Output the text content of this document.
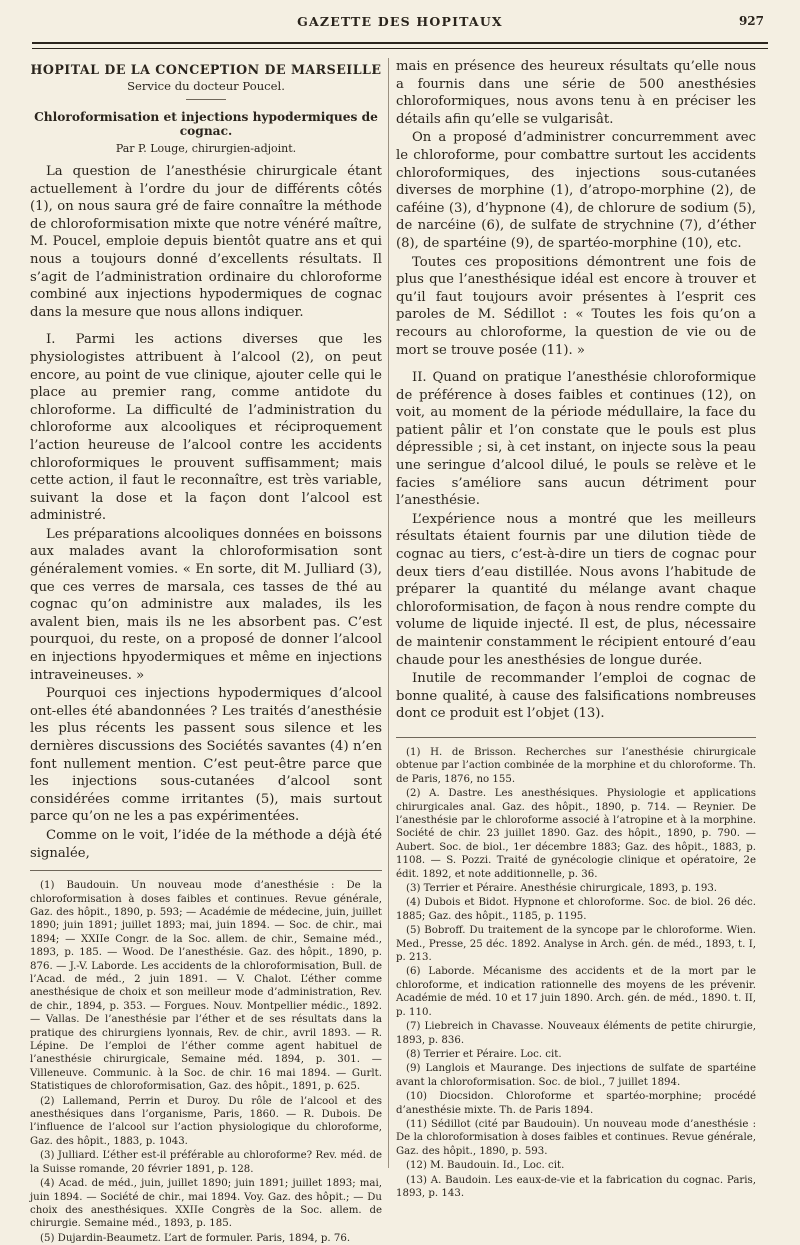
GAZETTE DES HOPITAUX	927
HOPITAL DE LA CONCEPTION DE MARSEILLE
Service du docteur Poucel.
Chloroformisation et injections hypodermiques de cognac.
Par P. Louge, chirurgien-adjoint.

La question de l’anesthésie chirurgicale étant actuellement à l’ordre du jour de différents côtés (1), on nous saura gré de faire connaître la méthode de chloroformisation mixte que notre vénéré maître, M. Poucel, emploie depuis bientôt quatre ans et qui nous a toujours donné d’excellents résultats. Il s’agit de l’administration ordinaire du chloroforme combiné aux injections hypodermiques de cognac dans la mesure que nous allons indiquer.

I. Parmi les actions diverses que les physiologistes attribuent à l’alcool (2), on peut encore, au point de vue clinique, ajouter celle qui le place au premier rang, comme antidote du chloroforme. La difficulté de l’administration du chloroforme aux alcooliques et réciproquement l’action heureuse de l’alcool contre les accidents chloroformiques le prouvent suffisamment; mais cette action, il faut le reconnaître, est très variable, suivant la dose et la façon dont l’alcool est administré.

Les préparations alcooliques données en boissons aux malades avant la chloroformisation sont généralement vomies. « En sorte, dit M. Julliard (3), que ces verres de marsala, ces tasses de thé au cognac qu’on administre aux malades, ils les avalent bien, mais ils ne les absorbent pas. C’est pourquoi, du reste, on a proposé de donner l’alcool en injections hpyodermiques et même en injections intraveineuses. »

Pourquoi ces injections hypodermiques d’alcool ont-elles été abandonnées ? Les traités d’anesthésie les plus récents les passent sous silence et les dernières discussions des Sociétés savantes (4) n’en font nullement mention. C’est peut-être parce que les injections sous-cutanées d’alcool sont considérées comme irritantes (5), mais surtout parce qu’on ne les a pas expérimentées.

Comme on le voit, l’idée de la méthode a déjà été signalée,

(1) Baudouin. Un nouveau mode d’anesthésie : De la chloroformisation à doses faibles et continues. Revue générale, Gaz. des hôpit., 1890, p. 593; — Académie de médecine, juin, juillet 1890; juin 1891; juillet 1893; mai, juin 1894. — Soc. de chir., mai 1894; — XXIIe Congr. de la Soc. allem. de chir., Semaine méd., 1893, p. 185. — Wood. De l’anesthésie. Gaz. des hôpit., 1890, p. 876. — J.-V. Laborde. Les accidents de la chloroformisation, Bull. de l’Acad. de méd., 2 juin 1891. — V. Chalot. L’éther comme anesthésique de choix et son meilleur mode d’administration, Rev. de chir., 1894, p. 353. — Forgues. Nouv. Montpellier médic., 1892. — Vallas. De l’anesthésie par l’éther et de ses résultats dans la pratique des chirurgiens lyonnais, Rev. de chir., avril 1893. — R. Lépine. De l’emploi de l’éther comme agent habituel de l’anesthésie chirurgicale, Semaine méd. 1894, p. 301. — Villeneuve. Communic. à la Soc. de chir. 16 mai 1894. — Gurlt. Statistiques de chloroformisation, Gaz. des hôpit., 1891, p. 625.

(2) Lallemand, Perrin et Duroy. Du rôle de l’alcool et des anesthésiques dans l’organisme, Paris, 1860. — R. Dubois. De l’influence de l’alcool sur l’action physiologique du chloroforme, Gaz. des hôpit., 1883, p. 1043.

(3) Julliard. L’éther est-il préférable au chloroforme? Rev. méd. de la Suisse romande, 20 février 1891, p. 128.

(4) Acad. de méd., juin, juillet 1890; juin 1891; juillet 1893; mai, juin 1894. — Société de chir., mai 1894. Voy. Gaz. des hôpit.; — Du choix des anesthésiques. XXIIe Congrès de la Soc. allem. de chirurgie. Semaine méd., 1893, p. 185.

(5) Dujardin-Beaumetz. L’art de formuler. Paris, 1894, p. 76.

mais en présence des heureux résultats qu’elle nous a fournis dans une série de 500 anesthésies chloroformiques, nous avons tenu à en préciser les détails afin qu’elle se vulgarisât.

On a proposé d’administrer concurremment avec le chloroforme, pour combattre surtout les accidents chloroformiques, des injections sous-cutanées diverses de morphine (1), d’atropo-morphine (2), de caféine (3), d’hypnone (4), de chlorure de sodium (5), de narcéine (6), de sulfate de strychnine (7), d’éther (8), de spartéine (9), de spartéo-morphine (10), etc.

Toutes ces propositions démontrent une fois de plus que l’anesthésique idéal est encore à trouver et qu’il faut toujours avoir présentes à l’esprit ces paroles de M. Sédillot : « Toutes les fois qu’on a recours au chloroforme, la question de vie ou de mort se trouve posée (11). »

II. Quand on pratique l’anesthésie chloroformique de préférence à doses faibles et continues (12), on voit, au moment de la période médullaire, la face du patient pâlir et l’on constate que le pouls est plus dépressible ; si, à cet instant, on injecte sous la peau une seringue d’alcool dilué, le pouls se relève et le facies s’améliore sans aucun détriment pour l’anesthésie.

L’expérience nous a montré que les meilleurs résultats étaient fournis par une dilution tiède de cognac au tiers, c’est-à-dire un tiers de cognac pour deux tiers d’eau distillée. Nous avons l’habitude de préparer la quantité du mélange avant chaque chloroformisation, de façon à nous rendre compte du volume de liquide injecté. Il est, de plus, nécessaire de maintenir constamment le récipient entouré d’eau chaude pour les anesthésies de longue durée.

Inutile de recommander l’emploi de cognac de bonne qualité, à cause des falsifications nombreuses dont ce produit est l’objet (13).

(1) H. de Brisson. Recherches sur l’anesthésie chirurgicale obtenue par l’action combinée de la morphine et du chloroforme. Th. de Paris, 1876, no 155.

(2) A. Dastre. Les anesthésiques. Physiologie et applications chirurgicales anal. Gaz. des hôpit., 1890, p. 714. — Reynier. De l’anesthésie par le chloroforme associé à l’atropine et à la morphine. Société de chir. 23 juillet 1890. Gaz. des hôpit., 1890, p. 790. — Aubert. Soc. de biol., 1er décembre 1883; Gaz. des hôpit., 1883, p. 1108. — S. Pozzi. Traité de gynécologie clinique et opératoire, 2e édit. 1892, et note additionnelle, p. 36.

(3) Terrier et Péraire. Anesthésie chirurgicale, 1893, p. 193.

(4) Dubois et Bidot. Hypnone et chloroforme. Soc. de biol. 26 déc. 1885; Gaz. des hôpit., 1185, p. 1195.

(5) Bobroff. Du traitement de la syncope par le chloroforme. Wien. Med., Presse, 25 déc. 1892. Analyse in Arch. gén. de méd., 1893, t. I, p. 213.

(6) Laborde. Mécanisme des accidents et de la mort par le chloroforme, et indication rationnelle des moyens de les prévenir. Académie de méd. 10 et 17 juin 1890. Arch. gén. de méd., 1890. t. II, p. 110.

(7) Liebreich in Chavasse. Nouveaux éléments de petite chirurgie, 1893, p. 836.

(8) Terrier et Péraire. Loc. cit.

(9) Langlois et Maurange. Des injections de sulfate de spartéine avant la chloroformisation. Soc. de biol., 7 juillet 1894.

(10) Diocsidon. Chloroforme et spartéo-morphine; procédé d’anesthésie mixte. Th. de Paris 1894.

(11) Sédillot (cité par Baudouin). Un nouveau mode d’anesthésie : De la chloroformisation à doses faibles et continues. Revue générale, Gaz. des hôpit., 1890, p. 593.

(12) M. Baudouin. Id., Loc. cit.

(13) A. Baudoin. Les eaux-de-vie et la fabrication du cognac. Paris, 1893, p. 143.
